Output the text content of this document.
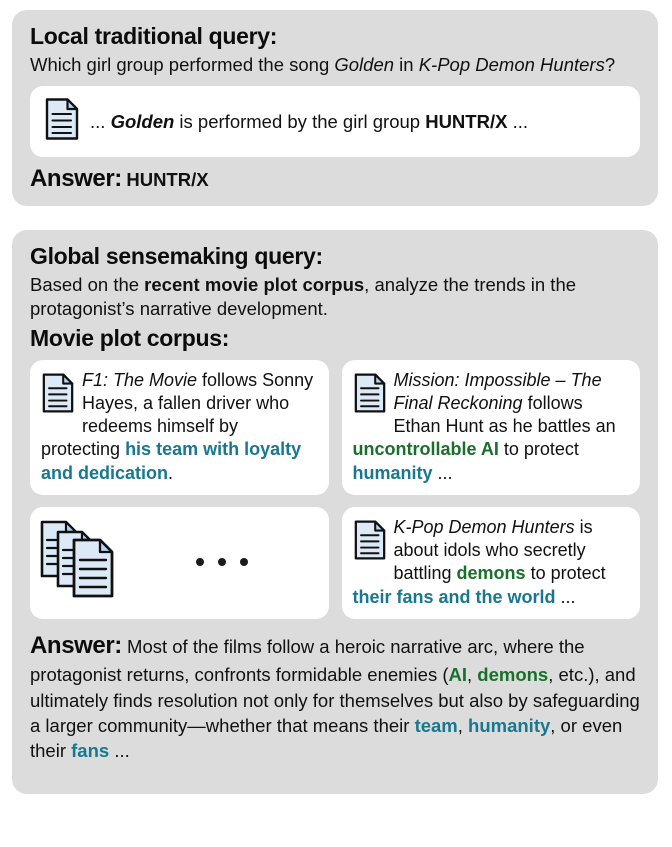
Local traditional query:

Which girl group performed the song Golden in K-Pop Demon Hunters?

... Golden is performed by the girl group HUNTR/X ...
Answer: HUNTR/X
Global sensemaking query:

Based on the recent movie plot corpus, analyze the trends in the protagonist’s narrative development.

Movie plot corpus:
F1: The Movie follows Sonny Hayes, a fallen driver who redeems himself by protecting his team with loyalty and dedication.
Mission: Impossible – The Final Reckoning follows Ethan Hunt as he battles an uncontrollable AI to protect humanity ...
K-Pop Demon Hunters is about idols who secretly battling demons to protect their fans and the world ...

Answer: Most of the films follow a heroic narrative arc, where the protagonist returns, confronts formidable enemies (AI, demons, etc.), and ultimately finds resolution not only for themselves but also by safeguarding a larger community—whether that means their team, humanity, or even their fans ...
